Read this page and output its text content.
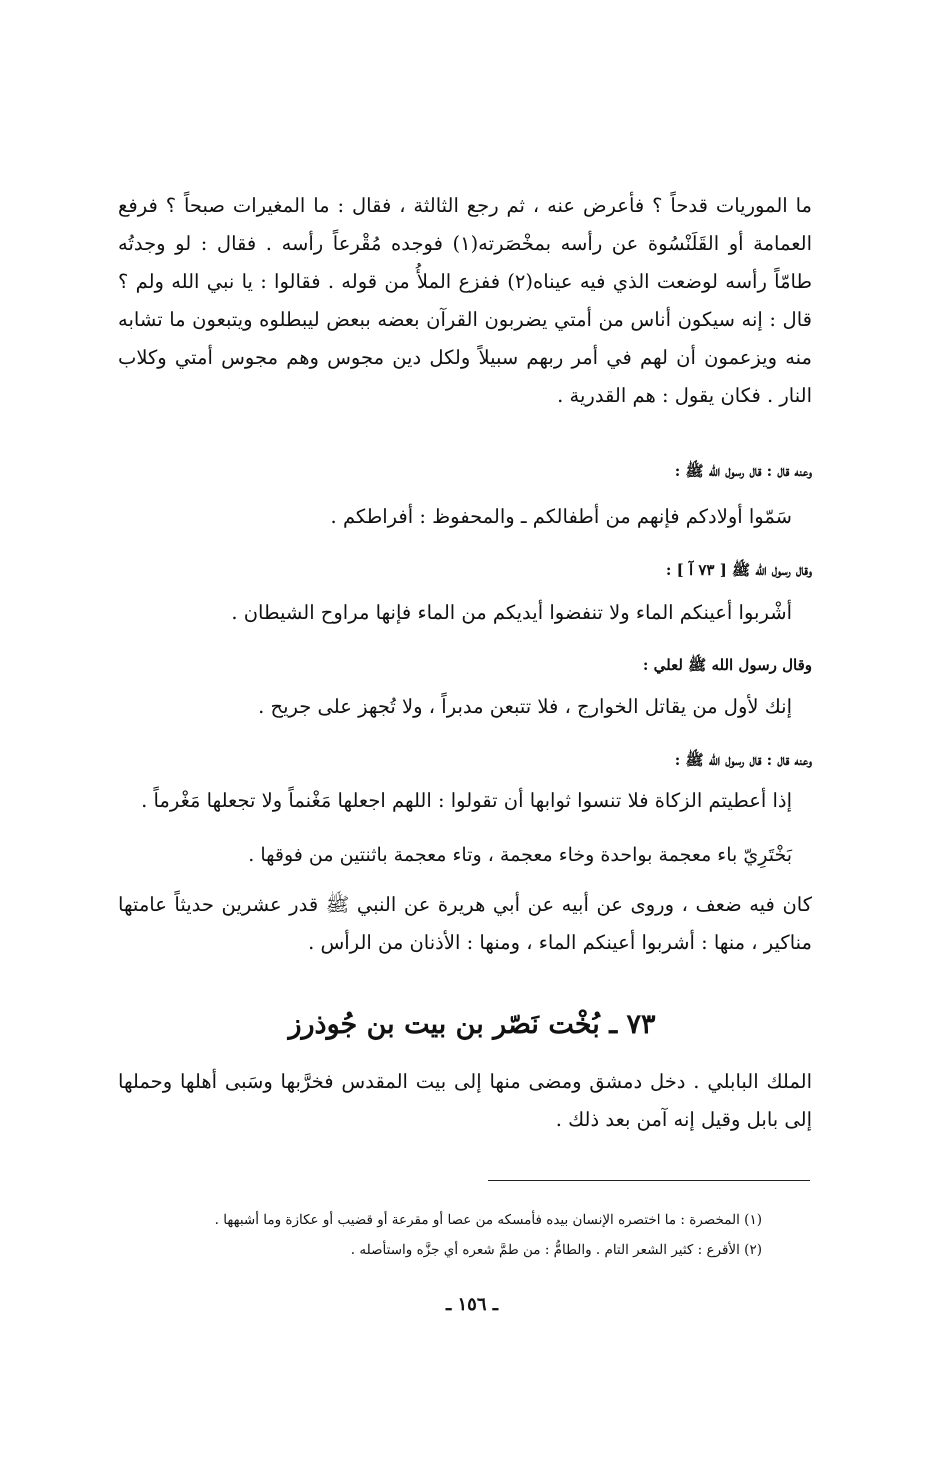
ما الموريات قدحاً ؟ فأعرض عنه ، ثم رجع الثالثة ، فقال : ما المغيرات صبحاً ؟ فرفع العمامة أو القَلَنْسُوة عن رأسه بمخْصَرته(١) فوجده مُقْرعاً رأسه . فقال : لو وجدتُه طامّاً رأسه لوضعت الذي فيه عيناه(٢) ففزع الملأُ من قوله . فقالوا : يا نبي الله ولم ؟ قال : إنه سيكون أناس من أمتي يضربون القرآن بعضه ببعض ليبطلوه ويتبعون ما تشابه منه ويزعمون أن لهم في أمر ربهم سبيلاً ولكل دين مجوس وهم مجوس أمتي وكلاب النار . فكان يقول : هم القدرية .
وعنه قال : قال رسول الله ﷺ :
سَمّوا أولادكم فإنهم من أطفالكم ـ والمحفوظ : أفراطكم .
وقال رسول الله ﷺ [ ٧٣ آ ] :
أشْربوا أعينكم الماء ولا تنفضوا أيديكم من الماء فإنها مراوح الشيطان .
وقال رسول الله ﷺ لعلي :
إنك لأول من يقاتل الخوارج ، فلا تتبعن مدبراً ، ولا تُجهز على جريح .
وعنه قال : قال رسول الله ﷺ :
إذا أعطيتم الزكاة فلا تنسوا ثوابها أن تقولوا : اللهم اجعلها مَغْنماً ولا تجعلها مَغْرماً .
بَخْتَرِيّ باء معجمة بواحدة وخاء معجمة ، وتاء معجمة باثنتين من فوقها .
كان فيه ضعف ، وروى عن أبيه عن أبي هريرة عن النبي ﷺ قدر عشرين حديثاً عامتها مناكير ، منها : أشربوا أعينكم الماء ، ومنها : الأذنان من الرأس .
٧٣ ـ بُخْت نَصّر بن بيت بن جُوذرز
الملك البابلي . دخل دمشق ومضى منها إلى بيت المقدس فخرَّبها وسَبى أهلها وحملها إلى بابل وقيل إنه آمن بعد ذلك .
(١) المخصرة : ما اختصره الإنسان بيده فأمسكه من عصا أو مقرعة أو قضيب أو عكازة وما أشبهها .
(٢) الأقرع : كثير الشعر التام . والطامُّ : من طمَّ شعره أي جزَّه واستأصله .
ـ ١٥٦ ـ
